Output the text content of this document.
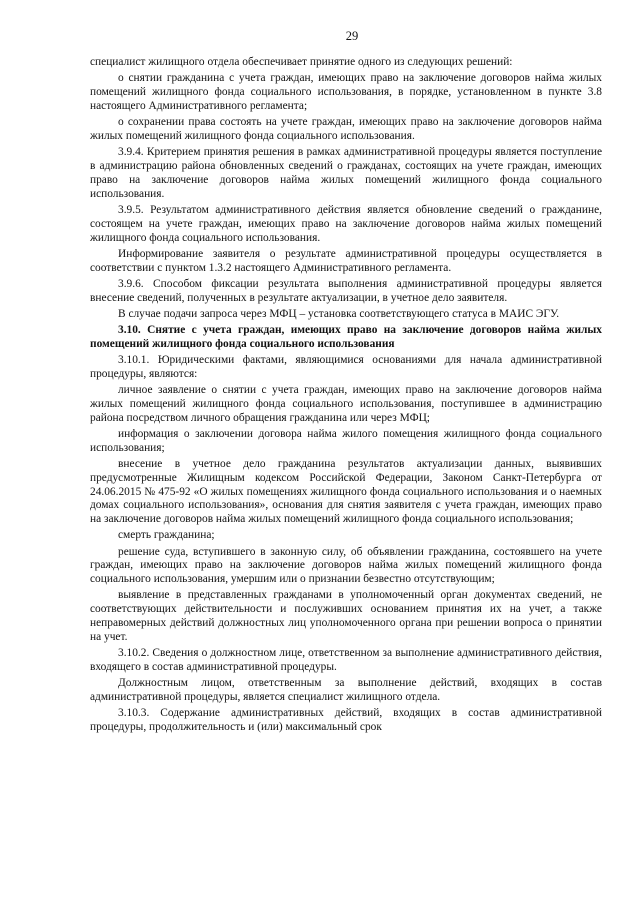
29

специалист жилищного отдела обеспечивает принятие одного из следующих решений:

о снятии гражданина с учета граждан, имеющих право на заключение договоров найма жилых помещений жилищного фонда социального использования, в порядке, установленном в пункте 3.8 настоящего Административного регламента;

о сохранении права состоять на учете граждан, имеющих право на заключение договоров найма жилых помещений жилищного фонда социального использования.

3.9.4. Критерием принятия решения в рамках административной процедуры является поступление в администрацию района обновленных сведений о гражданах, состоящих на учете граждан, имеющих право на заключение договоров найма жилых помещений жилищного фонда социального использования.

3.9.5. Результатом административного действия является обновление сведений о гражданине, состоящем на учете граждан, имеющих право на заключение договоров найма жилых помещений жилищного фонда социального использования.

Информирование заявителя о результате административной процедуры осуществляется в соответствии с пунктом 1.3.2 настоящего Административного регламента.

3.9.6. Способом фиксации результата выполнения административной процедуры является внесение сведений, полученных в результате актуализации, в учетное дело заявителя.

В случае подачи запроса через МФЦ – установка соответствующего статуса в МАИС ЭГУ.

3.10. Снятие с учета граждан, имеющих право на заключение договоров найма жилых помещений жилищного фонда социального использования

3.10.1. Юридическими фактами, являющимися основаниями для начала административной процедуры, являются:

личное заявление о снятии с учета граждан, имеющих право на заключение договоров найма жилых помещений жилищного фонда социального использования, поступившее в администрацию района посредством личного обращения гражданина или через МФЦ;

информация о заключении договора найма жилого помещения жилищного фонда социального использования;

внесение в учетное дело гражданина результатов актуализации данных, выявивших предусмотренные Жилищным кодексом Российской Федерации, Законом Санкт-Петербурга от 24.06.2015 № 475-92 «О жилых помещениях жилищного фонда социального использования и о наемных домах социального использования», основания для снятия заявителя с учета граждан, имеющих право на заключение договоров найма жилых помещений жилищного фонда социального использования;

смерть гражданина;

решение суда, вступившего в законную силу, об объявлении гражданина, состоявшего на учете граждан, имеющих право на заключение договоров найма жилых помещений жилищного фонда социального использования, умершим или о признании безвестно отсутствующим;

выявление в представленных гражданами в уполномоченный орган документах сведений, не соответствующих действительности и послуживших основанием принятия их на учет, а также неправомерных действий должностных лиц уполномоченного органа при решении вопроса о принятии на учет.

3.10.2. Сведения о должностном лице, ответственном за выполнение административного действия, входящего в состав административной процедуры.

Должностным лицом, ответственным за выполнение действий, входящих в состав административной процедуры, является специалист жилищного отдела.

3.10.3. Содержание административных действий, входящих в состав административной процедуры, продолжительность и (или) максимальный срок
